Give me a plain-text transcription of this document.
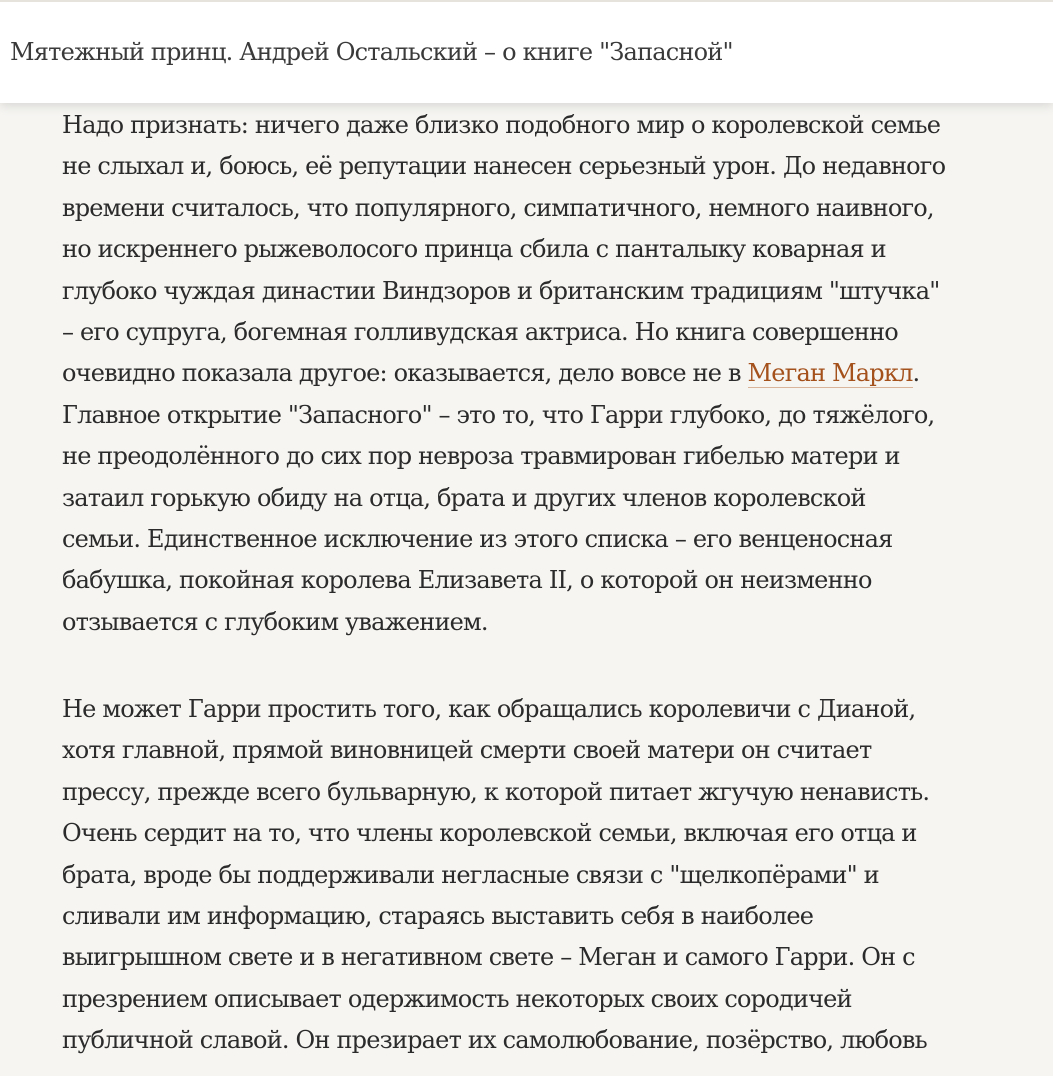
Мятежный принц. Андрей Остальский – о книге "Запасной"

Надо признать: ничего даже близко подобного мир о королевской семье
не слыхал и, боюсь, её репутации нанесен серьезный урон. До недавного
времени считалось, что популярного, симпатичного, немного наивного,
но искреннего рыжеволосого принца сбила с панталыку коварная и
глубоко чуждая династии Виндзоров и британским традициям "штучка"
– его супруга, богемная голливудская актриса. Но книга совершенно
очевидно показала другое: оказывается, дело вовсе не в Меган Маркл.
Главное открытие "Запасного" – это то, что Гарри глубоко, до тяжёлого,
не преодолённого до сих пор невроза травмирован гибелью матери и
затаил горькую обиду на отца, брата и других членов королевской
семьи. Единственное исключение из этого списка – его венценосная
бабушка, покойная королева Елизавета II, о которой он неизменно
отзывается с глубоким уважением.

Не может Гарри простить того, как обращались королевичи с Дианой,
хотя главной, прямой виновницей смерти своей матери он считает
прессу, прежде всего бульварную, к которой питает жгучую ненависть.
Очень сердит на то, что члены королевской семьи, включая его отца и
брата, вроде бы поддерживали негласные связи с "щелкопёрами" и
сливали им информацию, стараясь выставить себя в наиболее
выигрышном свете и в негативном свете – Меган и самого Гарри. Он с
презрением описывает одержимость некоторых своих сородичей
публичной славой. Он презирает их самолюбование, позёрство, любовь
